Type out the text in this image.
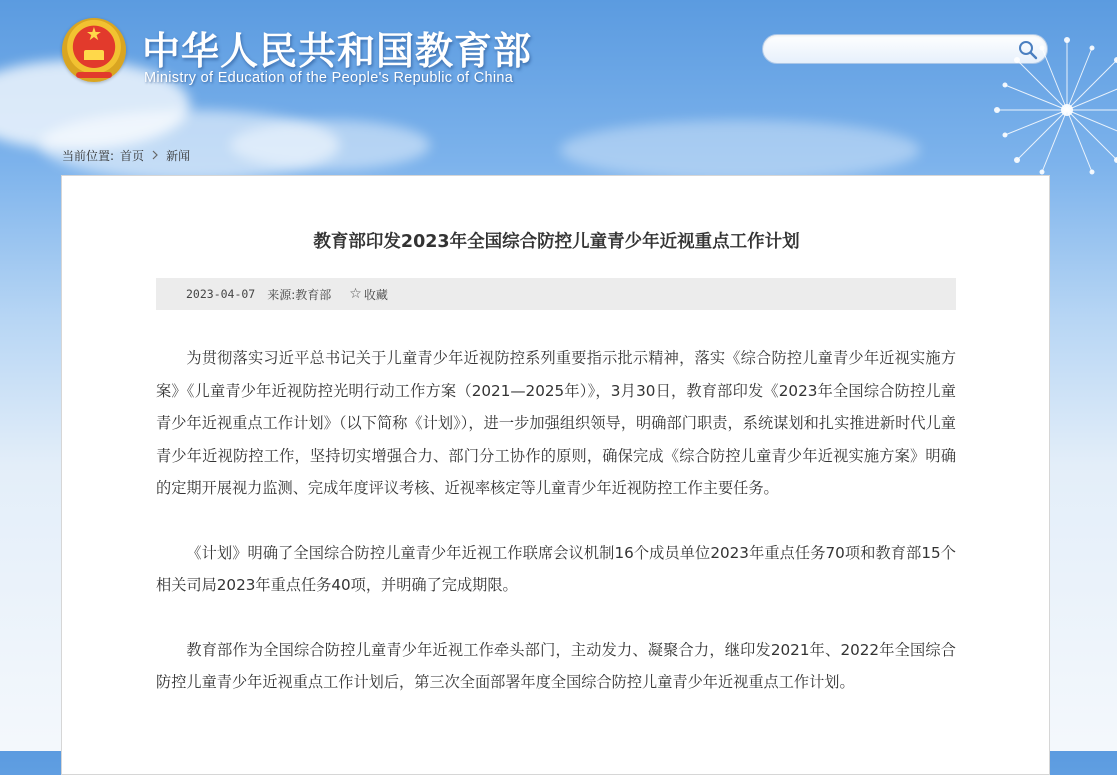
★	中华人民共和国教育部
Ministry of Education of the People's Republic of China
当前位置: 首页 新闻
教育部印发2023年全国综合防控儿童青少年近视重点工作计划
2023-04-07 来源:教育部 ☆ 收藏

为贯彻落实习近平总书记关于儿童青少年近视防控系列重要指示批示精神，落实《综合防控儿童青少年近视实施方案》《儿童青少年近视防控光明行动工作方案（2021—2025年）》，3月30日，教育部印发《2023年全国综合防控儿童青少年近视重点工作计划》（以下简称《计划》），进一步加强组织领导，明确部门职责，系统谋划和扎实推进新时代儿童青少年近视防控工作，坚持切实增强合力、部门分工协作的原则，确保完成《综合防控儿童青少年近视实施方案》明确的定期开展视力监测、完成年度评议考核、近视率核定等儿童青少年近视防控工作主要任务。

《计划》明确了全国综合防控儿童青少年近视工作联席会议机制16个成员单位2023年重点任务70项和教育部15个相关司局2023年重点任务40项，并明确了完成期限。

教育部作为全国综合防控儿童青少年近视工作牵头部门，主动发力、凝聚合力，继印发2021年、2022年全国综合防控儿童青少年近视重点工作计划后，第三次全面部署年度全国综合防控儿童青少年近视重点工作计划。
